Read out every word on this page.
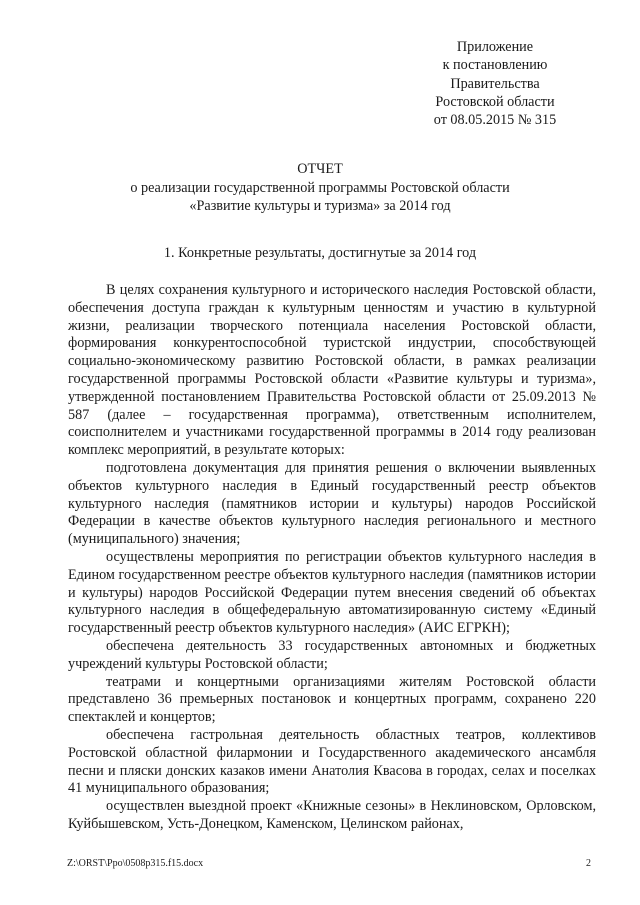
Приложение
к постановлению
Правительства
Ростовской области
от 08.05.2015 № 315
ОТЧЕТ
о реализации государственной программы Ростовской области
«Развитие культуры и туризма» за 2014 год
1. Конкретные результаты, достигнутые за 2014 год

В целях сохранения культурного и исторического наследия Ростовской области, обеспечения доступа граждан к культурным ценностям и участию в культурной жизни, реализации творческого потенциала населения Ростовской области, формирования конкурентоспособной туристской индустрии, способствующей социально-экономическому развитию Ростовской области, в рамках реализации государственной программы Ростовской области «Развитие культуры и туризма», утвержденной постановлением Правительства Ростовской области от 25.09.2013 № 587 (далее – государственная программа), ответственным исполнителем, соисполнителем и участниками государственной программы в 2014 году реализован комплекс мероприятий, в результате которых:

подготовлена документация для принятия решения о включении выявленных объектов культурного наследия в Единый государственный реестр объектов культурного наследия (памятников истории и культуры) народов Российской Федерации в качестве объектов культурного наследия регионального и местного (муниципального) значения;

осуществлены мероприятия по регистрации объектов культурного наследия в Едином государственном реестре объектов культурного наследия (памятников истории и культуры) народов Российской Федерации путем внесения сведений об объектах культурного наследия в общефедеральную автоматизированную систему «Единый государственный реестр объектов культурного наследия» (АИС ЕГРКН);

обеспечена деятельность 33 государственных автономных и бюджетных учреждений культуры Ростовской области;

театрами и концертными организациями жителям Ростовской области представлено 36 премьерных постановок и концертных программ, сохранено 220 спектаклей и концертов;

обеспечена гастрольная деятельность областных театров, коллективов Ростовской областной филармонии и Государственного академического ансамбля песни и пляски донских казаков имени Анатолия Квасова в городах, селах и поселках 41 муниципального образования;

осуществлен выездной проект «Книжные сезоны» в Неклиновском, Орловском, Куйбышевском, Усть-Донецком, Каменском, Целинском районах,

Z:\ORST\Ppo\0508p315.f15.docx	2
